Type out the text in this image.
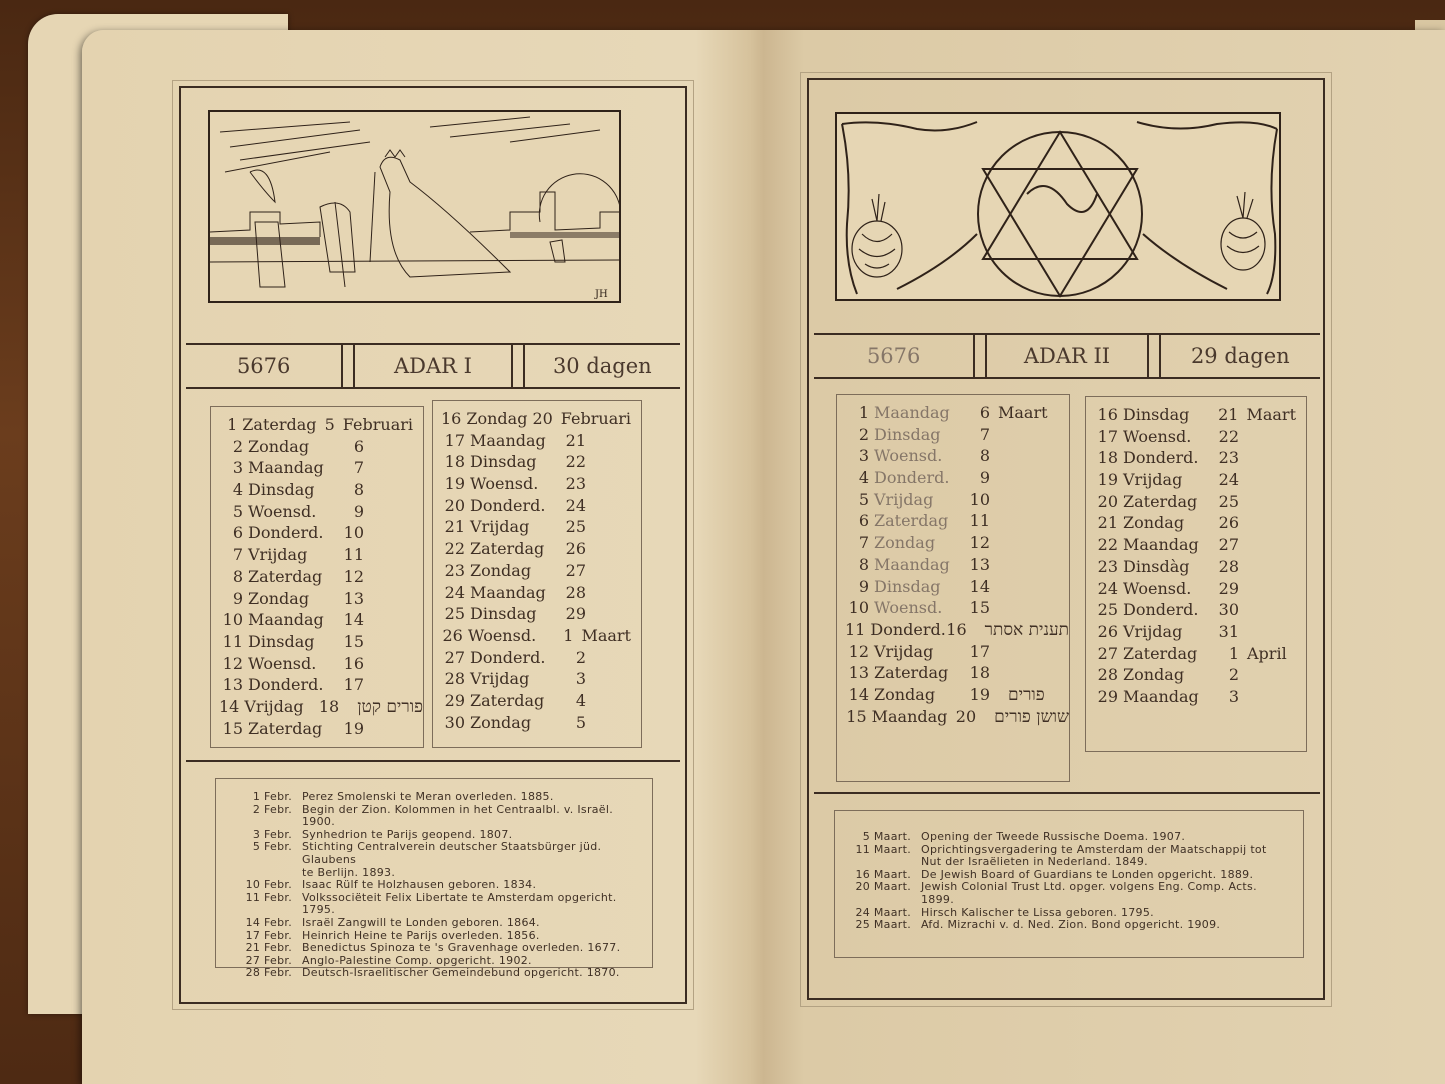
JH
5676	ADAR I	30 dagen
1 Zaterdag 5 Februari
2 Zondag	6
3 Maandag	7
4 Dinsdag	8
5 Woensd.	9
6 Donderd.	10
7 Vrijdag	11
8 Zaterdag	12
9 Zondag	13
10 Maandag	14
11 Dinsdag	15
12 Woensd.	16
13 Donderd.	17
14 Vrijdag 18 פורים קטן
15 Zaterdag	19
16 Zondag 20 Februari
17 Maandag	21
18 Dinsdag	22
19 Woensd.	23
20 Donderd.	24
21 Vrijdag	25
22 Zaterdag	26
23 Zondag	27
24 Maandag	28
25 Dinsdag	29
26 Woensd.	1 Maart
27 Donderd.	2
28 Vrijdag	3
29 Zaterdag	4
30 Zondag	5
1 Febr. Perez Smolenski te Meran overleden. 1885.
2 Febr. Begin der Zion. Kolommen in het Centraalbl. v. Israël. 1900.
3 Febr. Synhedrion te Parijs geopend. 1807.
5 Febr. Stichting Centralverein deutscher Staatsbürger jüd. Glaubens
te Berlijn. 1893.
10 Febr. Isaac Rülf te Holzhausen geboren. 1834.
11 Febr. Volkssociëteit Felix Libertate te Amsterdam opgericht. 1795.
14 Febr. Israël Zangwill te Londen geboren. 1864.
17 Febr. Heinrich Heine te Parijs overleden. 1856.
21 Febr. Benedictus Spinoza te 's Gravenhage overleden. 1677.
27 Febr. Anglo-Palestine Comp. opgericht. 1902.
28 Febr. Deutsch-Israelitischer Gemeindebund opgericht. 1870.
5676	ADAR II	29 dagen
1 Maandag	6 Maart
2 Dinsdag	7
3 Woensd.	8
4 Donderd.	9
5 Vrijdag	10
6 Zaterdag	11
7 Zondag	12
8 Maandag	13
9 Dinsdag	14
10 Woensd.	15
11 Donderd. 16 תענית אסתר
12 Vrijdag	17
13 Zaterdag	18
14 Zondag	19 פורים
15 Maandag 20 שושן פורים
16 Dinsdag	21 Maart
17 Woensd.	22
18 Donderd.	23
19 Vrijdag	24
20 Zaterdag	25
21 Zondag	26
22 Maandag	27
23 Dinsdàg	28
24 Woensd.	29
25 Donderd.	30
26 Vrijdag	31
27 Zaterdag	1 April
28 Zondag	2
29 Maandag	3
5 Maart. Opening der Tweede Russische Doema. 1907.
11 Maart. Oprichtingsvergadering te Amsterdam der Maatschappij tot
Nut der Israëlieten in Nederland. 1849.
16 Maart. De Jewish Board of Guardians te Londen opgericht. 1889.
20 Maart. Jewish Colonial Trust Ltd. opger. volgens Eng. Comp. Acts. 1899.
24 Maart. Hirsch Kalischer te Lissa geboren. 1795.
25 Maart. Afd. Mizrachi v. d. Ned. Zion. Bond opgericht. 1909.
